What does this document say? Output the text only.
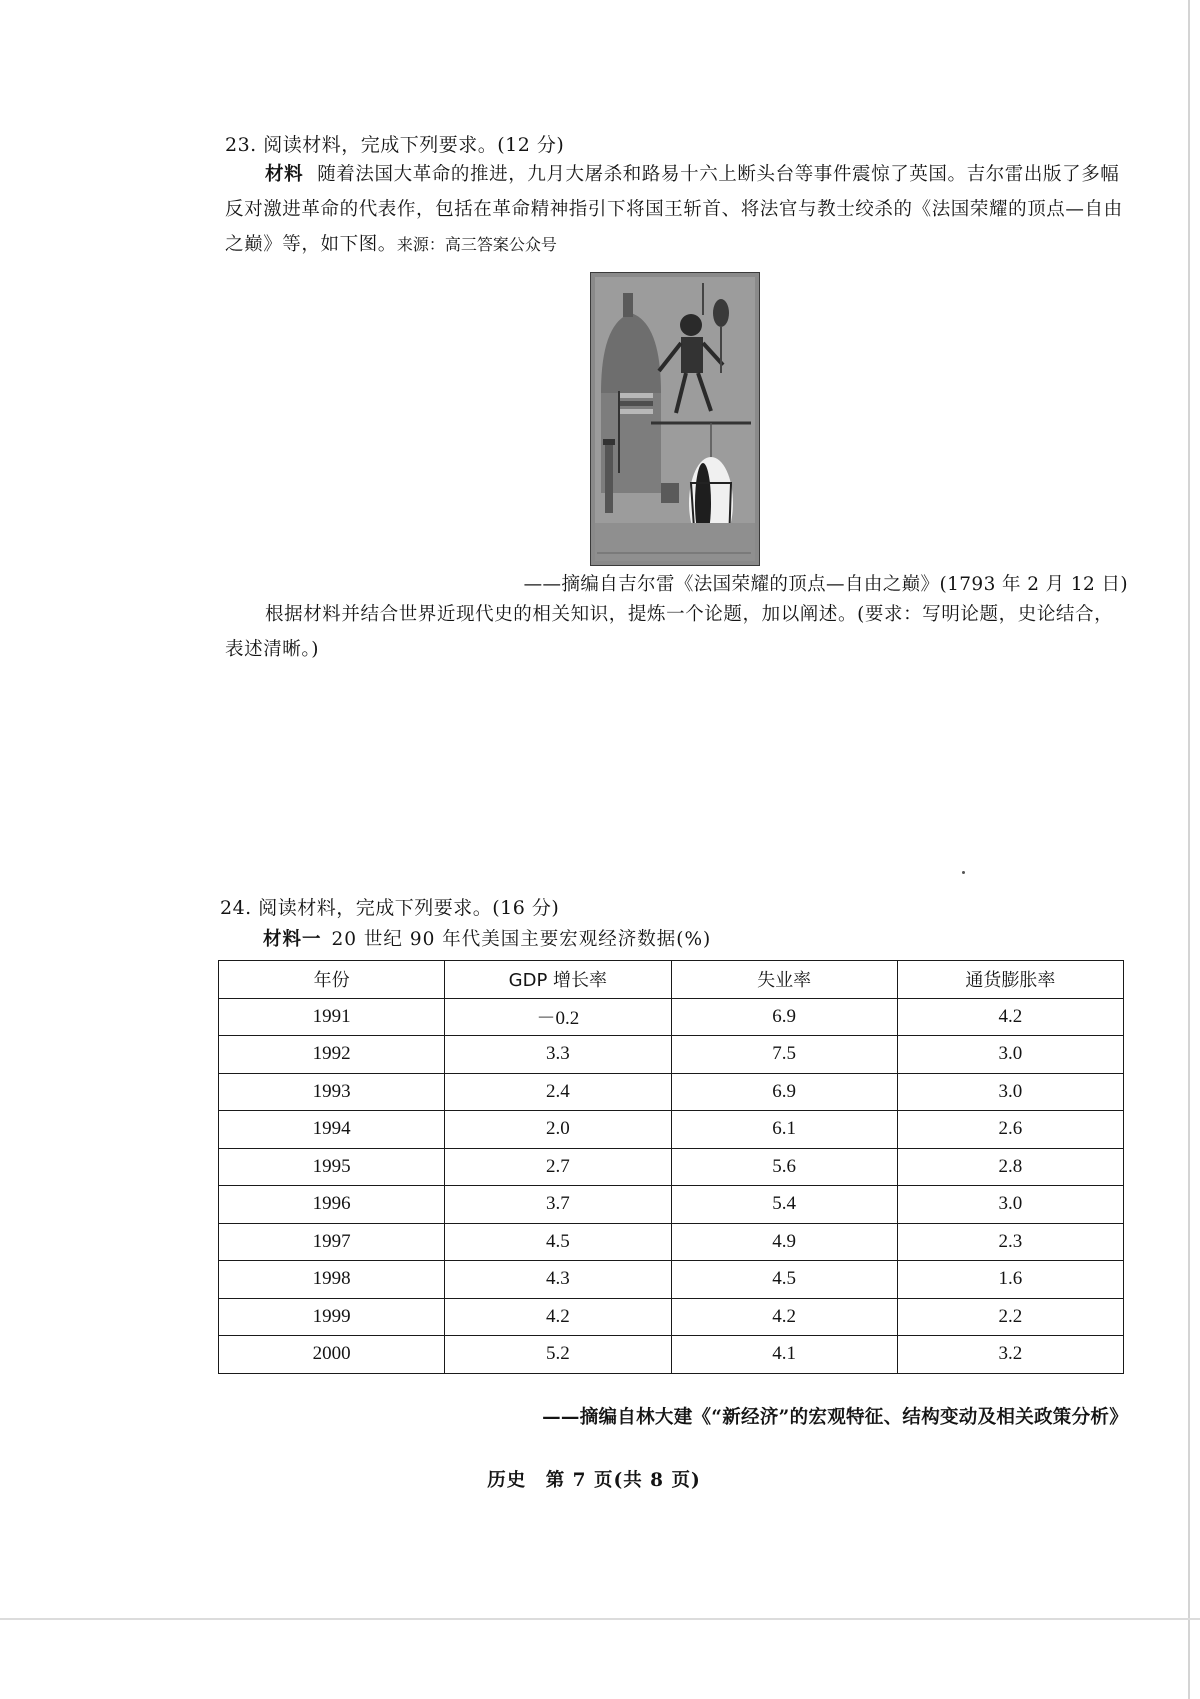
23. 阅读材料，完成下列要求。(12 分)
材料 随着法国大革命的推进，九月大屠杀和路易十六上断头台等事件震惊了英国。吉尔雷出版了多幅反对激进革命的代表作，包括在革命精神指引下将国王斩首、将法官与教士绞杀的《法国荣耀的顶点—自由之巅》等，如下图。来源：高三答案公众号
——摘编自吉尔雷《法国荣耀的顶点—自由之巅》(1793 年 2 月 12 日)
根据材料并结合世界近现代史的相关知识，提炼一个论题，加以阐述。(要求：写明论题，史论结合，表述清晰。)
24. 阅读材料，完成下列要求。(16 分)
材料一 20 世纪 90 年代美国主要宏观经济数据(%)
年份	GDP 增长率	失业率	通货膨胀率
1991	－0.2	6.9	4.2
1992	3.3	7.5	3.0
1993	2.4	6.9	3.0
1994	2.0	6.1	2.6
1995	2.7	5.6	2.8
1996	3.7	5.4	3.0
1997	4.5	4.9	2.3
1998	4.3	4.5	1.6
1999	4.2	4.2	2.2
2000	5.2	4.1	3.2
——摘编自林大建《“新经济”的宏观特征、结构变动及相关政策分析》
历史　第 7 页(共 8 页)
